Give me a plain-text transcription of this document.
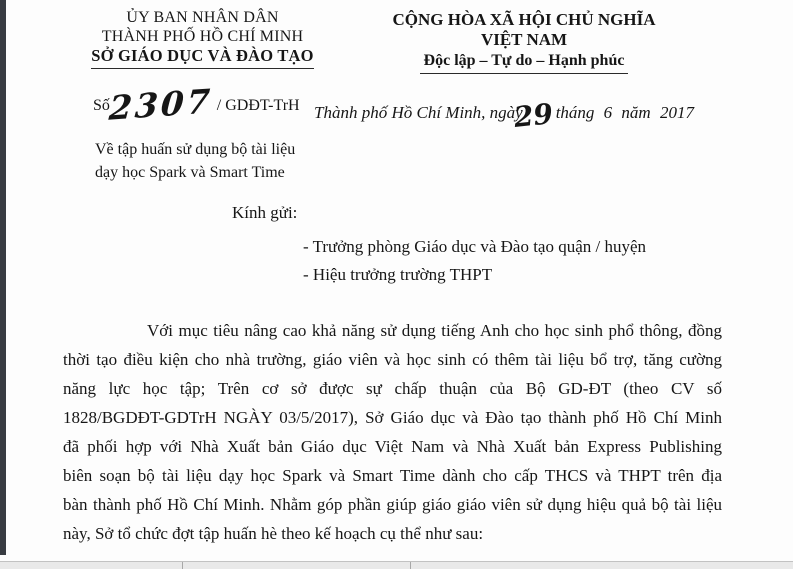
ỦY BAN NHÂN DÂN
THÀNH PHỐ HỒ CHÍ MINH
SỞ GIÁO DỤC VÀ ĐÀO TẠO
CỘNG HÒA XÃ HỘI CHỦ NGHĨA VIỆT NAM
Độc lập – Tự do – Hạnh phúc
Số2307 / GDĐT-TrH Thành phố Hồ Chí Minh, ngày29tháng 6 năm 2017
Về tập huấn sử dụng bộ tài liệu
dạy học Spark và Smart Time
Kính gửi:
- Trưởng phòng Giáo dục và Đào tạo quận / huyện
- Hiệu trưởng trường THPT
Với mục tiêu nâng cao khả năng sử dụng tiếng Anh cho học sinh phổ thông, đồng
thời tạo điều kiện cho nhà trường, giáo viên và học sinh có thêm tài liệu bổ trợ, tăng cường
năng lực học tập; Trên cơ sở được sự chấp thuận của Bộ GD-ĐT (theo CV số
1828/BGDĐT-GDTrH NGÀY 03/5/2017), Sở Giáo dục và Đào tạo thành phố Hồ Chí Minh
đã phối hợp với Nhà Xuất bản Giáo dục Việt Nam và Nhà Xuất bản Express Publishing
biên soạn bộ tài liệu dạy học Spark và Smart Time dành cho cấp THCS và THPT trên địa
bàn thành phố Hồ Chí Minh. Nhằm góp phần giúp giáo giáo viên sử dụng hiệu quả bộ tài liệu
này, Sở tổ chức đợt tập huấn hè theo kế hoạch cụ thể như sau:
